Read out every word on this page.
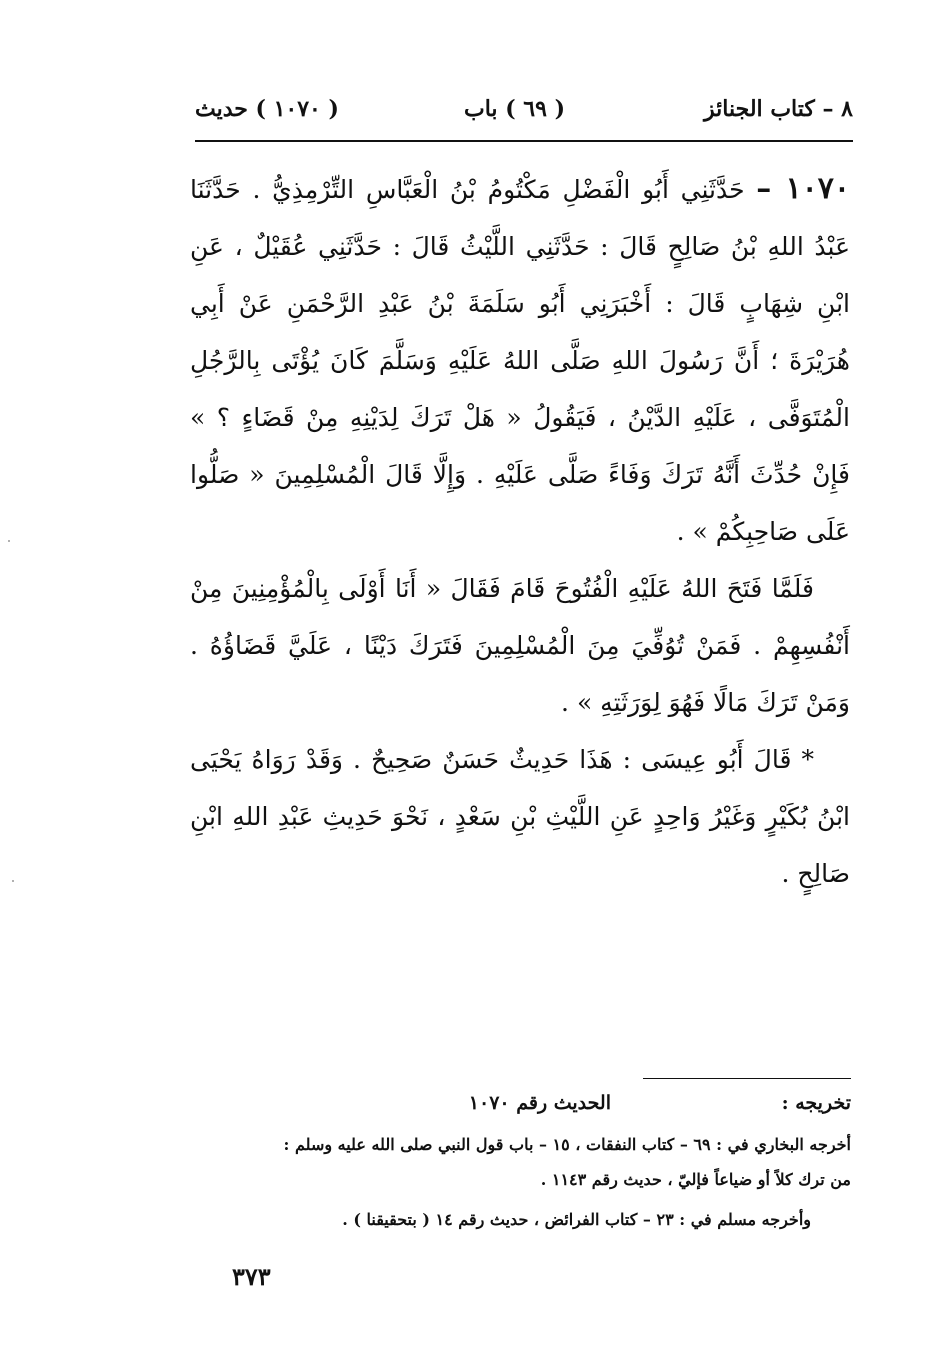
٨ – كتاب الجنائز
( ٦٩ ) باب
( ١٠٧٠ ) حديث

١٠٧٠ – حَدَّثَنِي أَبُو الْفَضْلِ مَكْتُومُ بْنُ الْعَبَّاسِ التِّرْمِذِيُّ . حَدَّثَنَا عَبْدُ اللهِ بْنُ صَالِحٍ قَالَ : حَدَّثَنِي اللَّيْثُ قَالَ : حَدَّثَنِي عُقَيْلٌ ، عَنِ ابْنِ شِهَابٍ قَالَ : أَخْبَرَنِي أَبُو سَلَمَةَ بْنُ عَبْدِ الرَّحْمَنِ عَنْ أَبِي هُرَيْرَةَ ؛ أَنَّ رَسُولَ اللهِ صَلَّى اللهُ عَلَيْهِ وَسَلَّمَ كَانَ يُؤْتَى بِالرَّجُلِ الْمُتَوَفَّى ، عَلَيْهِ الدَّيْنُ ، فَيَقُولُ « هَلْ تَرَكَ لِدَيْنِهِ مِنْ قَضَاءٍ ؟ » فَإِنْ حُدِّثَ أَنَّهُ تَرَكَ وَفَاءً صَلَّى عَلَيْهِ . وَإِلَّا قَالَ الْمُسْلِمِينَ « صَلُّوا عَلَى صَاحِبِكُمْ » .

فَلَمَّا فَتَحَ اللهُ عَلَيْهِ الْفُتُوحَ قَامَ فَقَالَ « أَنَا أَوْلَى بِالْمُؤْمِنِينَ مِنْ أَنْفُسِهِمْ . فَمَنْ تُوُفِّيَ مِنَ الْمُسْلِمِينَ فَتَرَكَ دَيْنًا ، عَلَيَّ قَضَاؤُهُ . وَمَنْ تَرَكَ مَالًا فَهُوَ لِوَرَثَتِهِ » .

* قَالَ أَبُو عِيسَى : هَذَا حَدِيثٌ حَسَنٌ صَحِيحٌ . وَقَدْ رَوَاهُ يَحْيَى ابْنُ بُكَيْرٍ وَغَيْرُ وَاحِدٍ عَنِ اللَّيْثِ بْنِ سَعْدٍ ، نَحْوَ حَدِيثِ عَبْدِ اللهِ ابْنِ صَالِحٍ .

تخريجه :
الحديث رقم ١٠٧٠
أخرجه البخاري في : ٦٩ – كتاب النفقات ، ١٥ – باب قول النبي صلى الله عليه وسلم :
من ترك كلاً أو ضياعاً فإليّ ، حديث رقم ١١٤٣ .
وأخرجه مسلم في : ٢٣ – كتاب الفرائض ، حديث رقم ١٤ ( بتحقيقنا ) .
٣٧٣
